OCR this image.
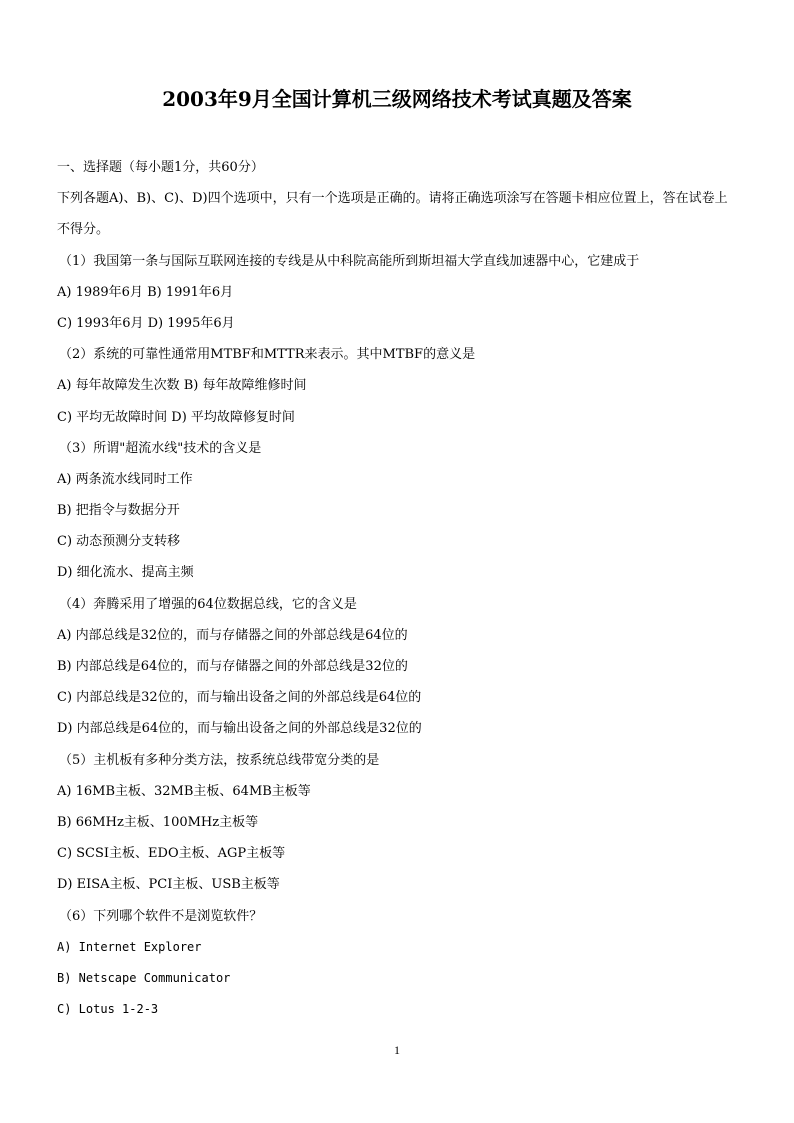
2003年9月全国计算机三级网络技术考试真题及答案

一、选择题（每小题1分，共60分）

下列各题A)、B)、C)、D)四个选项中，只有一个选项是正确的。请将正确选项涂写在答题卡相应位置上，答在试卷上不得分。

（1）我国第一条与国际互联网连接的专线是从中科院高能所到斯坦福大学直线加速器中心，它建成于

A) 1989年6月 B) 1991年6月

C) 1993年6月 D) 1995年6月

（2）系统的可靠性通常用MTBF和MTTR来表示。其中MTBF的意义是

A) 每年故障发生次数 B) 每年故障维修时间

C) 平均无故障时间 D) 平均故障修复时间

（3）所谓"超流水线"技术的含义是

A) 两条流水线同时工作

B) 把指令与数据分开

C) 动态预测分支转移

D) 细化流水、提高主频

（4）奔腾采用了增强的64位数据总线，它的含义是

A) 内部总线是32位的，而与存储器之间的外部总线是64位的

B) 内部总线是64位的，而与存储器之间的外部总线是32位的

C) 内部总线是32位的，而与输出设备之间的外部总线是64位的

D) 内部总线是64位的，而与输出设备之间的外部总线是32位的

（5）主机板有多种分类方法，按系统总线带宽分类的是

A) 16MB主板、32MB主板、64MB主板等

B) 66MHz主板、100MHz主板等

C) SCSI主板、EDO主板、AGP主板等

D) EISA主板、PCI主板、USB主板等

（6）下列哪个软件不是浏览软件？

A) Internet Explorer

B) Netscape Communicator

C) Lotus 1-2-3

1
